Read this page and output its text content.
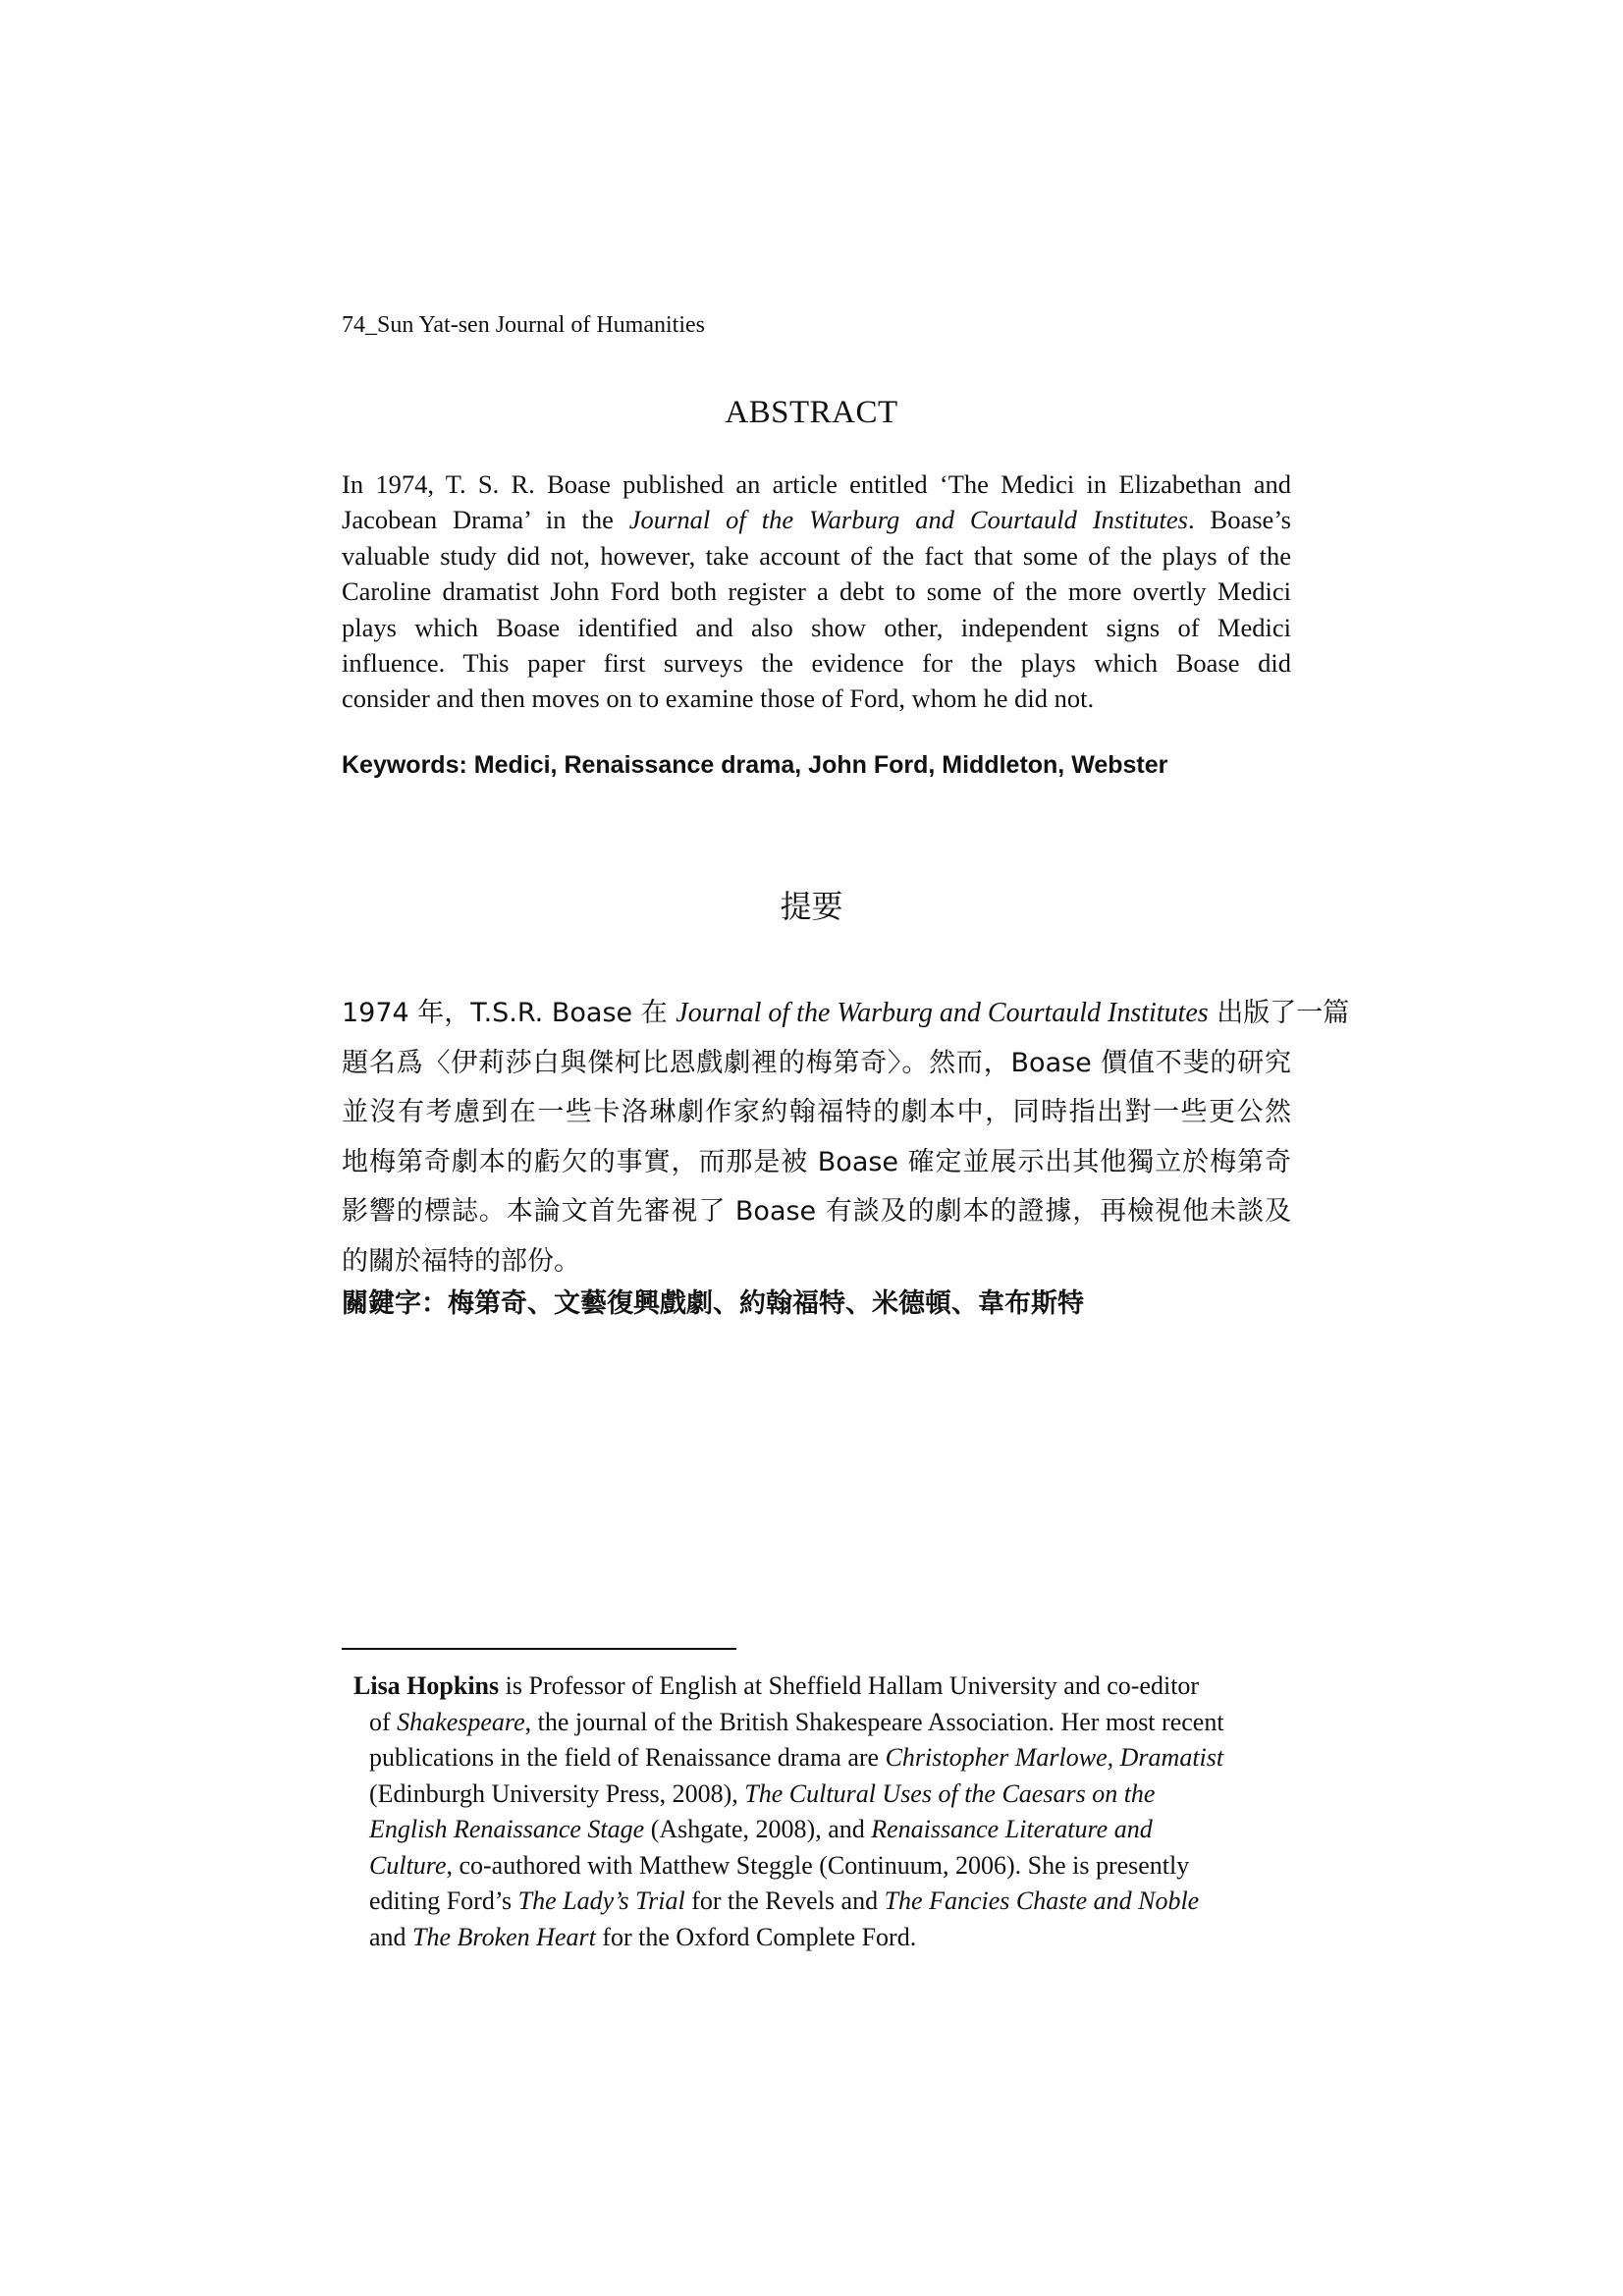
74_Sun Yat-sen Journal of Humanities
ABSTRACT
In 1974, T. S. R. Boase published an article entitled ‘The Medici in Elizabethan and
Jacobean Drama’ in the Journal of the Warburg and Courtauld Institutes. Boase’s
valuable study did not, however, take account of the fact that some of the plays of the
Caroline dramatist John Ford both register a debt to some of the more overtly Medici
plays which Boase identified and also show other, independent signs of Medici
influence. This paper first surveys the evidence for the plays which Boase did
consider and then moves on to examine those of Ford, whom he did not.
Keywords: Medici, Renaissance drama, John Ford, Middleton, Webster
提要
1974 年，T.S.R. Boase 在 Journal of the Warburg and Courtauld Institutes 出版了一篇
題名爲〈伊莉莎白與傑柯比恩戲劇裡的梅第奇〉。然而，Boase 價值不斐的研究
並沒有考慮到在一些卡洛琳劇作家約翰福特的劇本中，同時指出對一些更公然
地梅第奇劇本的虧欠的事實，而那是被 Boase 確定並展示出其他獨立於梅第奇
影響的標誌。本論文首先審視了 Boase 有談及的劇本的證據，再檢視他未談及
的關於福特的部份。
關鍵字：梅第奇、文藝復興戲劇、約翰福特、米德頓、韋布斯特
Lisa Hopkins is Professor of English at Sheffield Hallam University and co-editor
of Shakespeare, the journal of the British Shakespeare Association. Her most recent
publications in the field of Renaissance drama are Christopher Marlowe, Dramatist
(Edinburgh University Press, 2008), The Cultural Uses of the Caesars on the
English Renaissance Stage (Ashgate, 2008), and Renaissance Literature and
Culture, co-authored with Matthew Steggle (Continuum, 2006). She is presently
editing Ford’s The Lady’s Trial for the Revels and The Fancies Chaste and Noble
and The Broken Heart for the Oxford Complete Ford.
